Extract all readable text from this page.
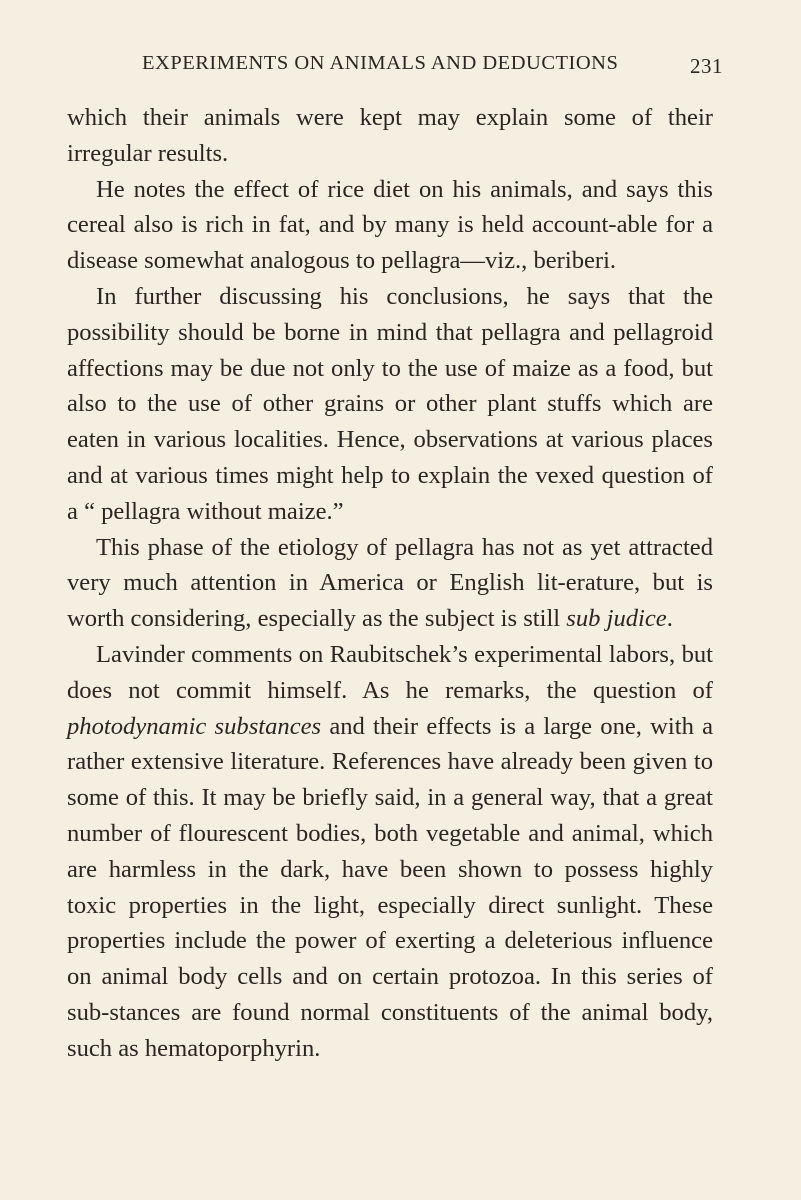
EXPERIMENTS ON ANIMALS AND DEDUCTIONS	231

which their animals were kept may explain some of their irregular results.

He notes the effect of rice diet on his animals, and says this cereal also is rich in fat, and by many is held account-able for a disease somewhat analogous to pellagra—viz., beriberi.

In further discussing his conclusions, he says that the possibility should be borne in mind that pellagra and pellagroid affections may be due not only to the use of maize as a food, but also to the use of other grains or other plant stuffs which are eaten in various localities. Hence, observations at various places and at various times might help to explain the vexed question of a “ pellagra without maize.”

This phase of the etiology of pellagra has not as yet attracted very much attention in America or English lit-erature, but is worth considering, especially as the subject is still sub judice.

Lavinder comments on Raubitschek’s experimental labors, but does not commit himself. As he remarks, the question of photodynamic substances and their effects is a large one, with a rather extensive literature. References have already been given to some of this. It may be briefly said, in a general way, that a great number of flourescent bodies, both vegetable and animal, which are harmless in the dark, have been shown to possess highly toxic properties in the light, especially direct sunlight. These properties include the power of exerting a deleterious influence on animal body cells and on certain protozoa. In this series of sub-stances are found normal constituents of the animal body, such as hematoporphyrin.
